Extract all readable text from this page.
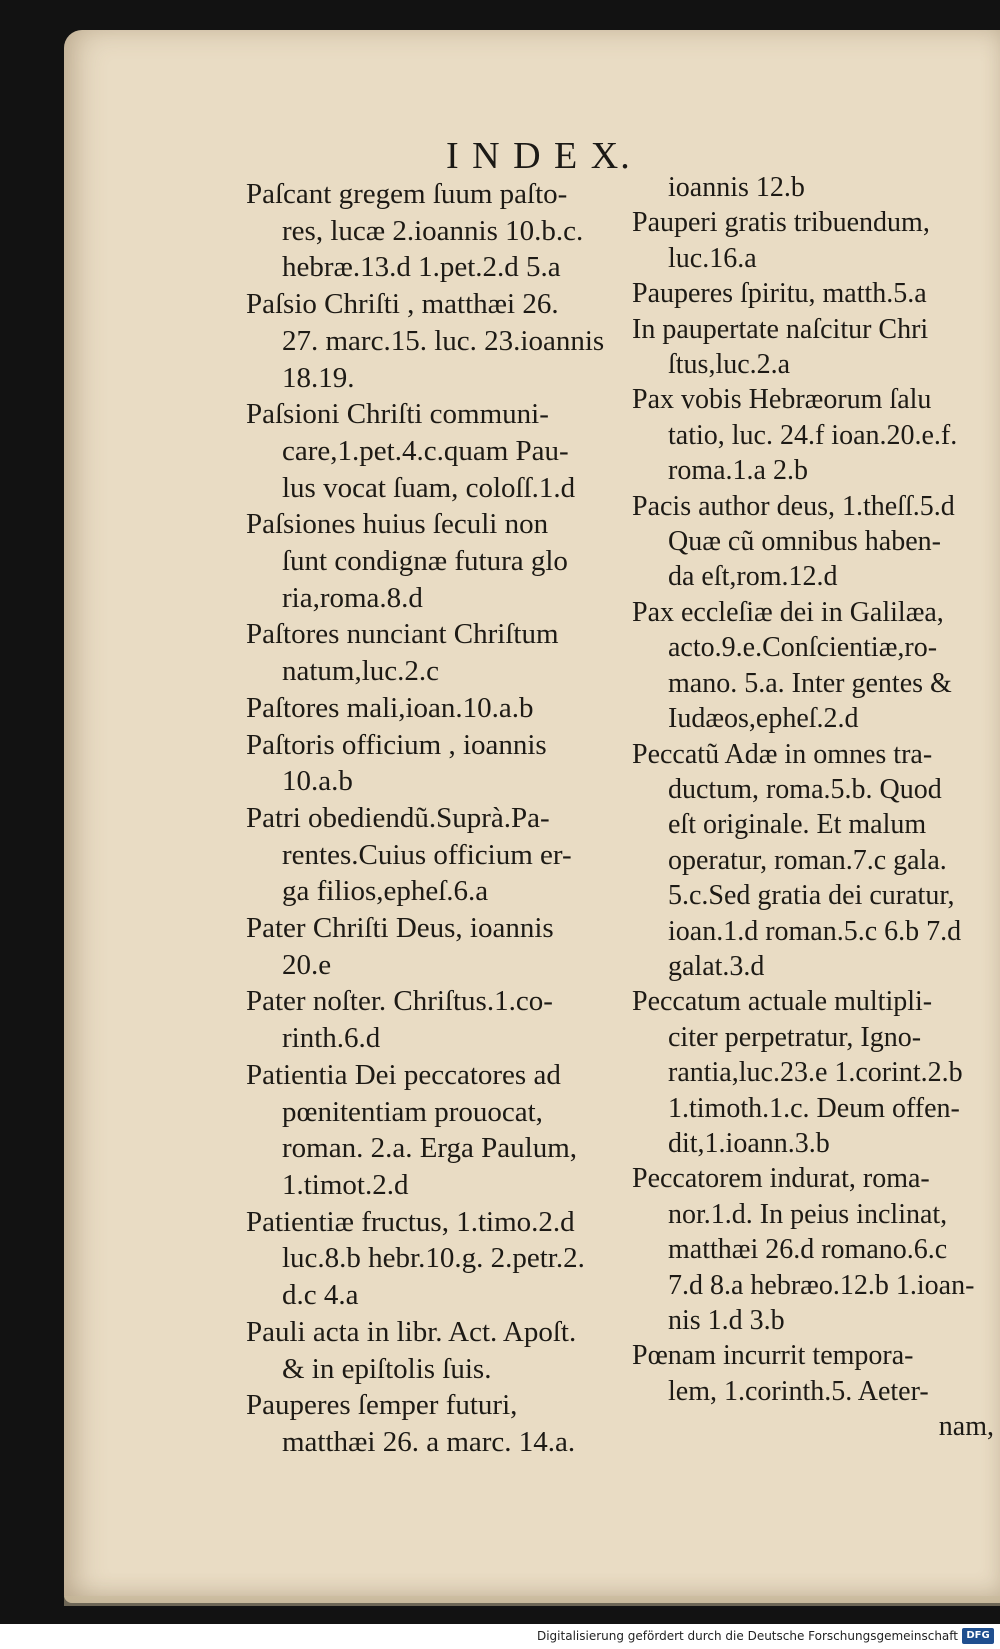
I N D E X.
Paſcant gregem ſuum paſto-
res, lucæ 2.ioannis 10.b.c.
hebræ.13.d 1.pet.2.d 5.a
Paſsio Chriſti , matthæi 26.
27. marc.15. luc. 23.ioannis
18.19.
Paſsioni Chriſti communi-
care,1.pet.4.c.quam Pau-
lus vocat ſuam, coloſſ.1.d
Paſsiones huius ſeculi non
ſunt condignæ futura glo
ria,roma.8.d
Paſtores nunciant Chriſtum
natum,luc.2.c
Paſtores mali,ioan.10.a.b
Paſtoris officium , ioannis
10.a.b
Patri obediendũ.Suprà.Pa-
rentes.Cuius officium er-
ga filios,epheſ.6.a
Pater Chriſti Deus, ioannis
20.e
Pater noſter. Chriſtus.1.co-
rinth.6.d
Patientia Dei peccatores ad
pœnitentiam prouocat,
roman. 2.a. Erga Paulum,
1.timot.2.d
Patientiæ fructus, 1.timo.2.d
luc.8.b hebr.10.g. 2.petr.2.
d.c 4.a
Pauli acta in libr. Act. Apoſt.
& in epiſtolis ſuis.
Pauperes ſemper futuri,
matthæi 26. a marc. 14.a.
ioannis 12.b
Pauperi gratis tribuendum,
luc.16.a
Pauperes ſpiritu, matth.5.a
In paupertate naſcitur Chri
ſtus,luc.2.a
Pax vobis Hebræorum ſalu
tatio, luc. 24.f ioan.20.e.f.
roma.1.a 2.b
Pacis author deus, 1.theſſ.5.d
Quæ cũ omnibus haben-
da eſt,rom.12.d
Pax eccleſiæ dei in Galilæa,
acto.9.e.Conſcientiæ,ro-
mano. 5.a. Inter gentes &
Iudæos,epheſ.2.d
Peccatũ Adæ in omnes tra-
ductum, roma.5.b. Quod
eſt originale. Et malum
operatur, roman.7.c gala.
5.c.Sed gratia dei curatur,
ioan.1.d roman.5.c 6.b 7.d
galat.3.d
Peccatum actuale multipli-
citer perpetratur, Igno-
rantia,luc.23.e 1.corint.2.b
1.timoth.1.c. Deum offen-
dit,1.ioann.3.b
Peccatorem indurat, roma-
nor.1.d. In peius inclinat,
matthæi 26.d romano.6.c
7.d 8.a hebræo.12.b 1.ioan-
nis 1.d 3.b
Pœnam incurrit tempora-
lem, 1.corinth.5. Aeter-
nam,
Digitalisierung gefördert durch die Deutsche Forschungsgemeinschaft DFG
